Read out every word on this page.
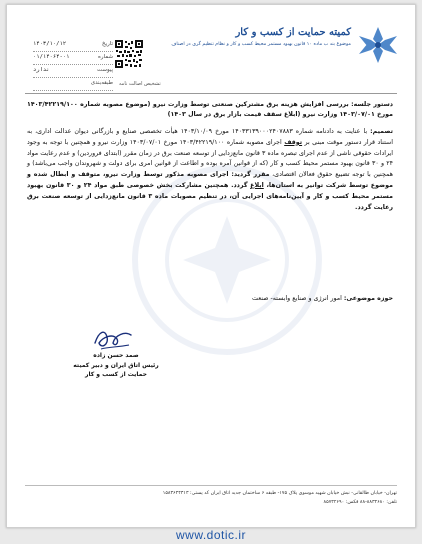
کمیته حمایت از کسب و کار
موضوع بند ب ماده ۱۰ قانون بهبود مستمر محیط کسب و کار و نظام تنظیم گری در اصناف
تشخیص اصالت نامه
تاریخ
۱۴۰۳/۱۰/۱۲
شماره
۰۱/۱۴۰۶۴-۰۱
پیوست
ندارد
طبقه‌بندی
دستور جلسه: بررسی افزایش هزینه برق مشترکین صنعتی توسط وزارت نیرو (موضوع مصوبه شماره ۱۴۰۳/۴۲۲۱۹/۱۰۰ مورخ ۱۴۰۳/۰۷/۰۱ وزارت نیرو (ابلاغ سقف قیمت بازار برق در سال ۱۴۰۳)
تصمیم: با عنایت به دادنامه شماره ۱۴۰۳۳۱۳۹۰۰۰۲۴۰۷۸۸۳ مورخ ۱۴۰۳/۱۰/۰۹ هیأت تخصصی صنایع و بازرگانی دیوان عدالت اداری، به استناد قرار دستور موقت مبنی بر توقف اجرای مصوبه شماره ۱۴۰۳/۴۲۲۱۹/۱۰۰ مورخ ۱۴۰۳/۰۷/۰۱ وزارت نیرو و همچنین با توجه به وجود ایرادات حقوقی ناشی از عدم اجرای تبصره ماده ۳ قانون مانع‌زدایی از توسعه صنعت برق در زمان مقرر (ابتدای فروردین) و عدم رعایت مواد ۲۴ و ۳۰ قانون بهبود مستمر محیط کسب و کار (که از قوانین آمره بوده و اطاعت از قوانین امری برای دولت و شهروندان واجب می‌باشد) و همچنین با توجه تضییع حقوق فعالان اقتصادی، مقرر گردید: اجرای مصوبه مذکور توسط وزارت نیرو، متوقف و ابطال شده و موضوع توسط شرکت توانیر به استان‌ها، ابلاغ گردد. همچنین مشارکت بخش خصوصی طبق مواد ۲۴ و ۳۰ قانون بهبود مستمر محیط کسب و کار و آیین‌نامه‌های اجرایی آن، در تنظیم مصوبات ماده ۳ قانون مانع‌زدایی از توسعه صنعت برق رعایت گردد.
حوزه موضوعی: امور انرژی و صنایع وابسته- صنعت
صمد حسن زاده
رئیس اتاق ایران و دبیر کمیته
حمایت از کسب و کار
تهران- خیابان طالقانی- نبش خیابان شهید موسوی پلاک ۱۷۵- طبقه ۶ ساختمان جدید اتاق ایران کد پستی: ۱۵۸۳۶۴۴۳۱۳
تلفن: ۸۸۳۴۶۸۰-۸۸ فکس: ۸۵۷۳۲۶۹۰
www.dotic.ir
